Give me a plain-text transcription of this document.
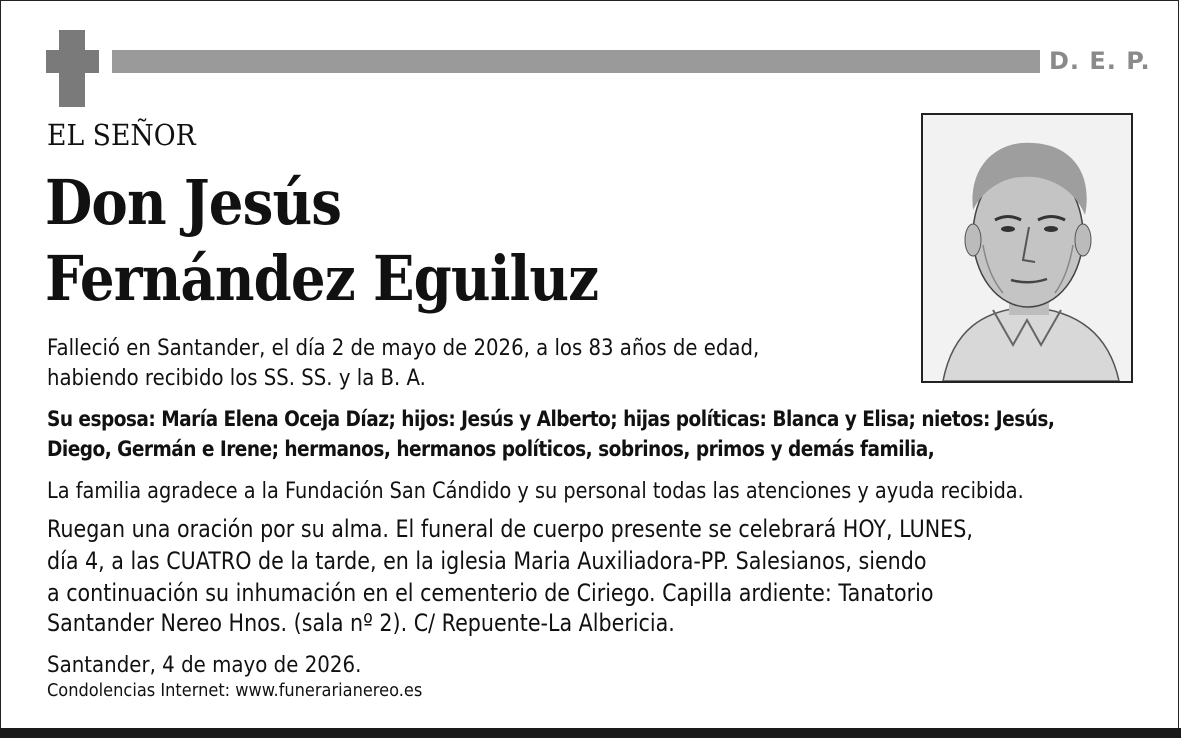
D. E. P.
EL SEÑOR
Don Jesús
Fernández Eguiluz
Falleció en Santander, el día 2 de mayo de 2026, a los 83 años de edad,
habiendo recibido los SS. SS. y la B. A.
Su esposa: María Elena Oceja Díaz; hijos: Jesús y Alberto; hijas políticas: Blanca y Elisa; nietos: Jesús,
Diego, Germán e Irene; hermanos, hermanos políticos, sobrinos, primos y demás familia,
La familia agradece a la Fundación San Cándido y su personal todas las atenciones y ayuda recibida.
Ruegan una oración por su alma. El funeral de cuerpo presente se celebrará HOY, LUNES,
día 4, a las CUATRO de la tarde, en la iglesia Maria Auxiliadora-PP. Salesianos, siendo
a continuación su inhumación en el cementerio de Ciriego. Capilla ardiente: Tanatorio
Santander Nereo Hnos. (sala nº 2). C/ Repuente-La Albericia.
Santander, 4 de mayo de 2026.
Condolencias Internet: www.funerarianereo.es
